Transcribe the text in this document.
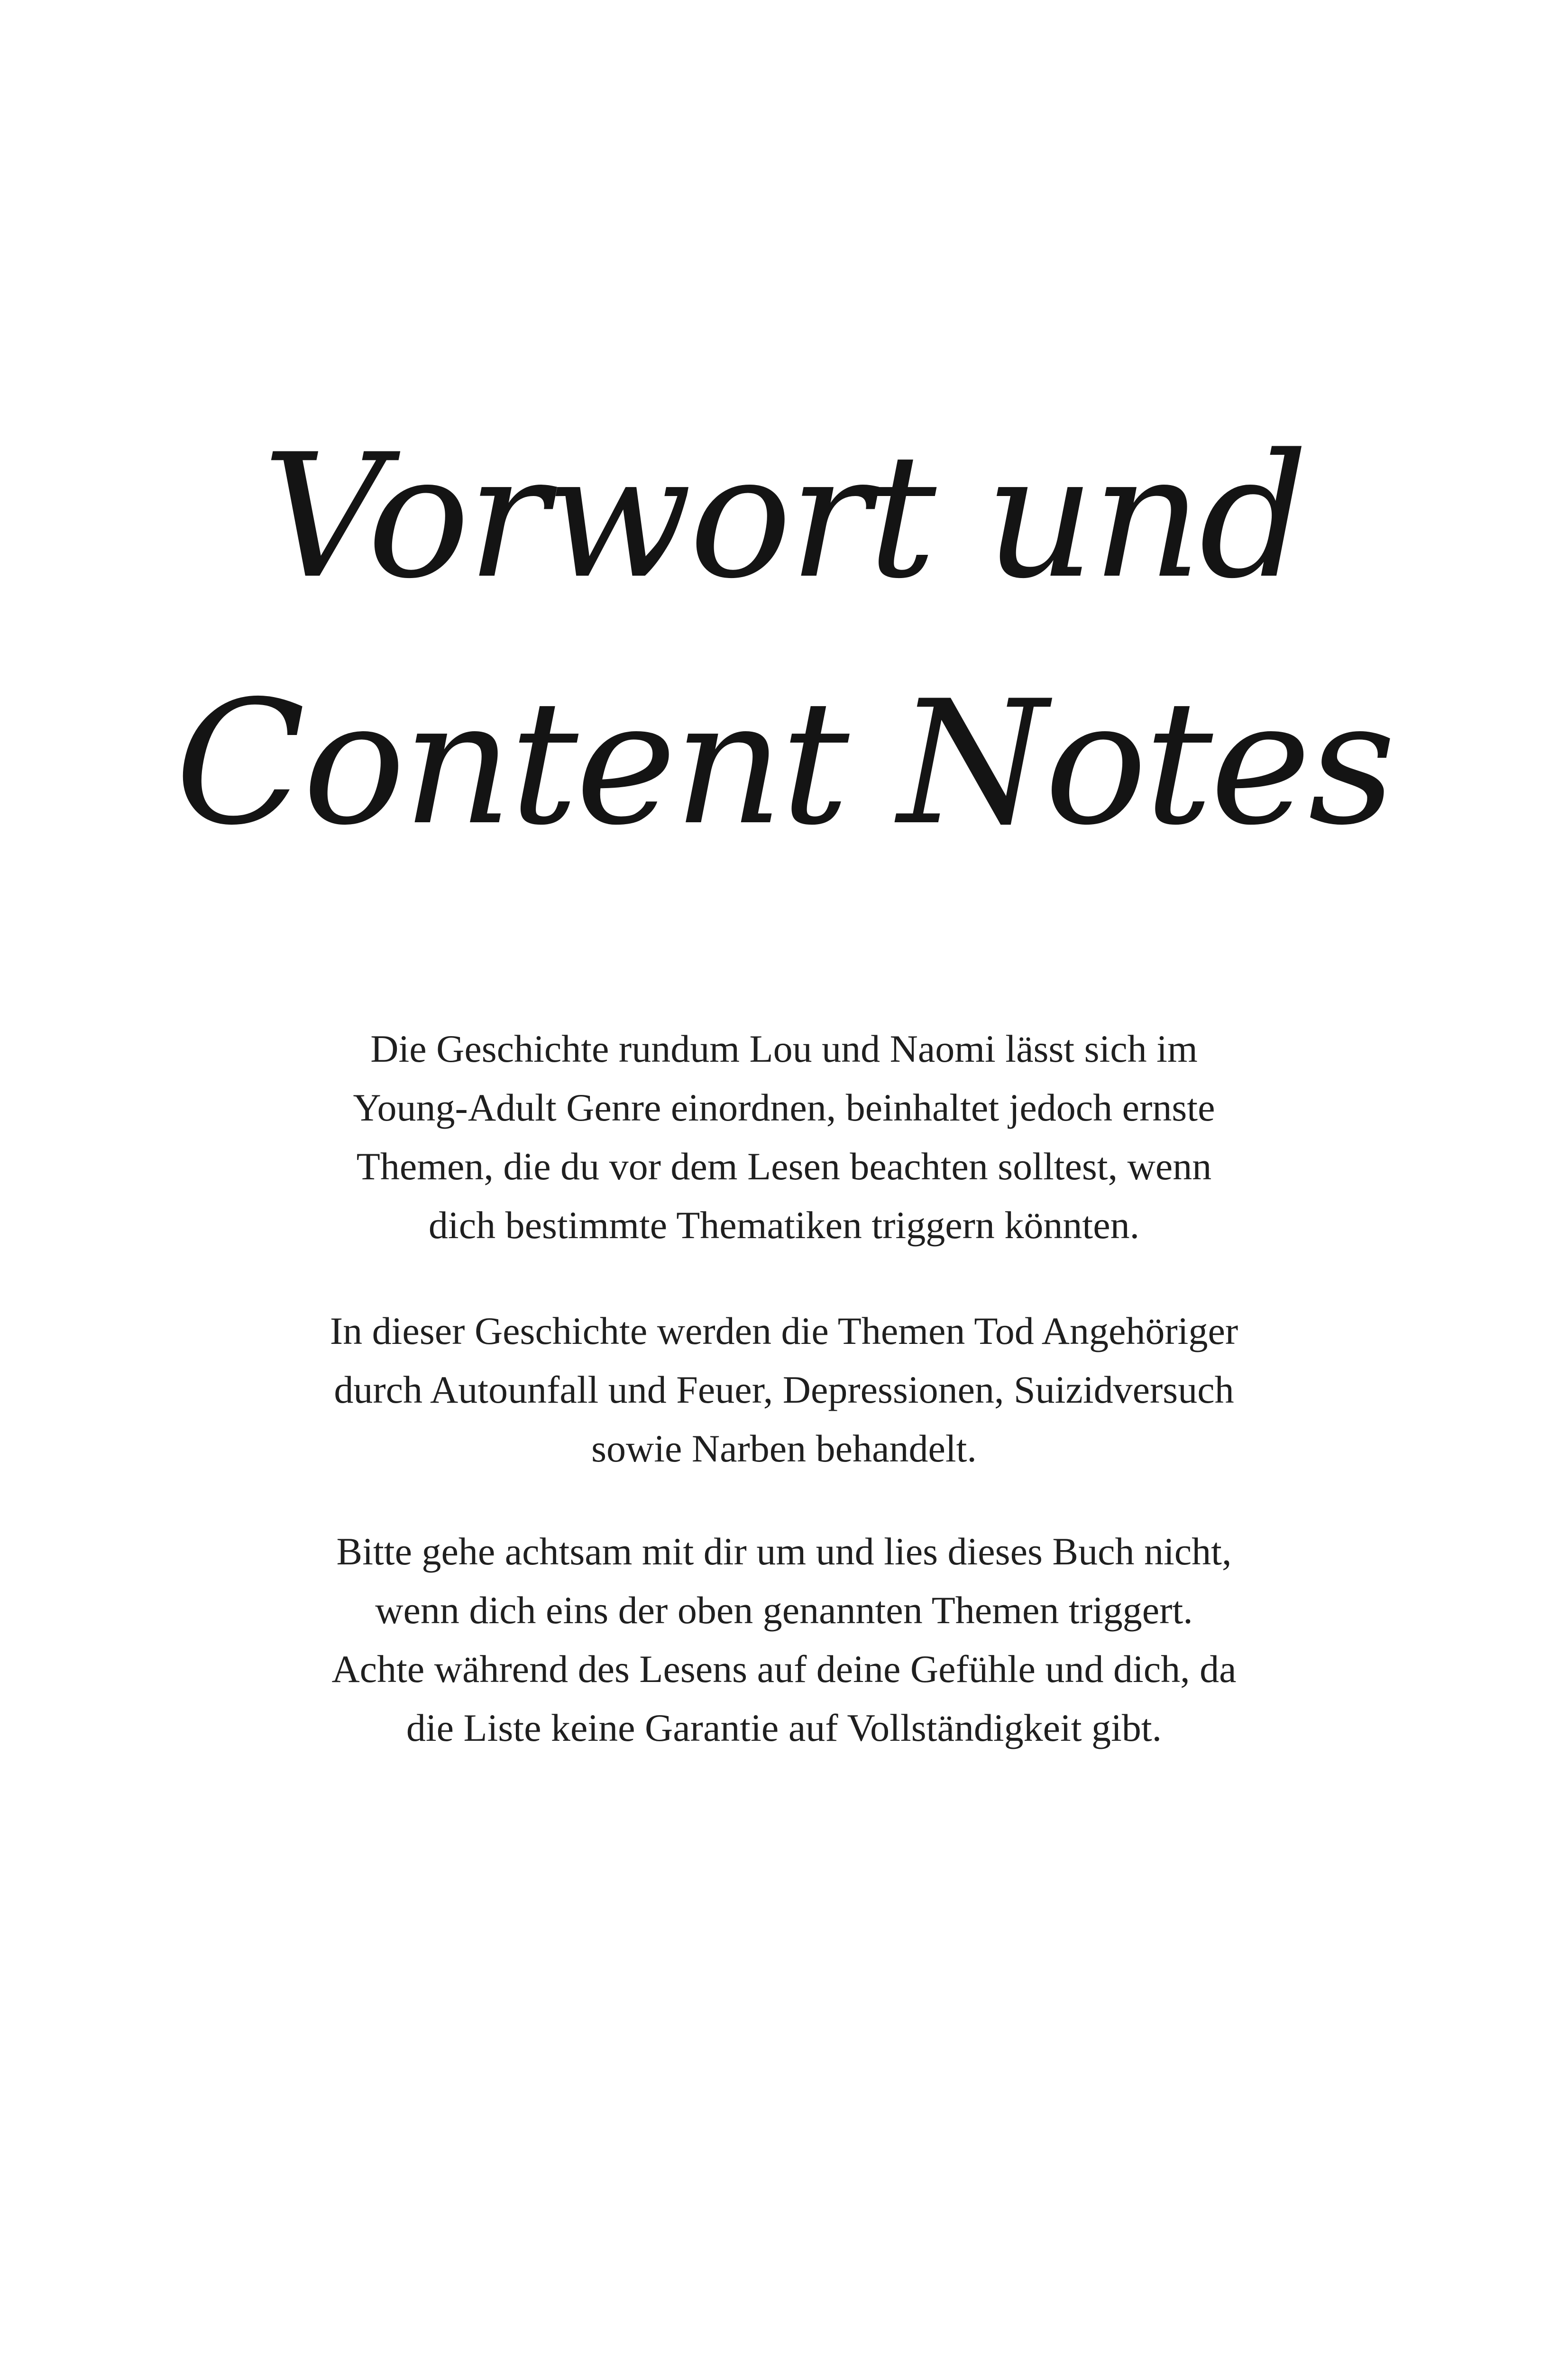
Vorwort und
Content Notes

Die Geschichte rundum Lou und Naomi lässt sich im
Young-Adult Genre einordnen, beinhaltet jedoch ernste
Themen, die du vor dem Lesen beachten solltest, wenn
dich bestimmte Thematiken triggern könnten.

In dieser Geschichte werden die Themen Tod Angehöriger
durch Autounfall und Feuer, Depressionen, Suizidversuch
sowie Narben behandelt.

Bitte gehe achtsam mit dir um und lies dieses Buch nicht,
wenn dich eins der oben genannten Themen triggert.
Achte während des Lesens auf deine Gefühle und dich, da
die Liste keine Garantie auf Vollständigkeit gibt.
